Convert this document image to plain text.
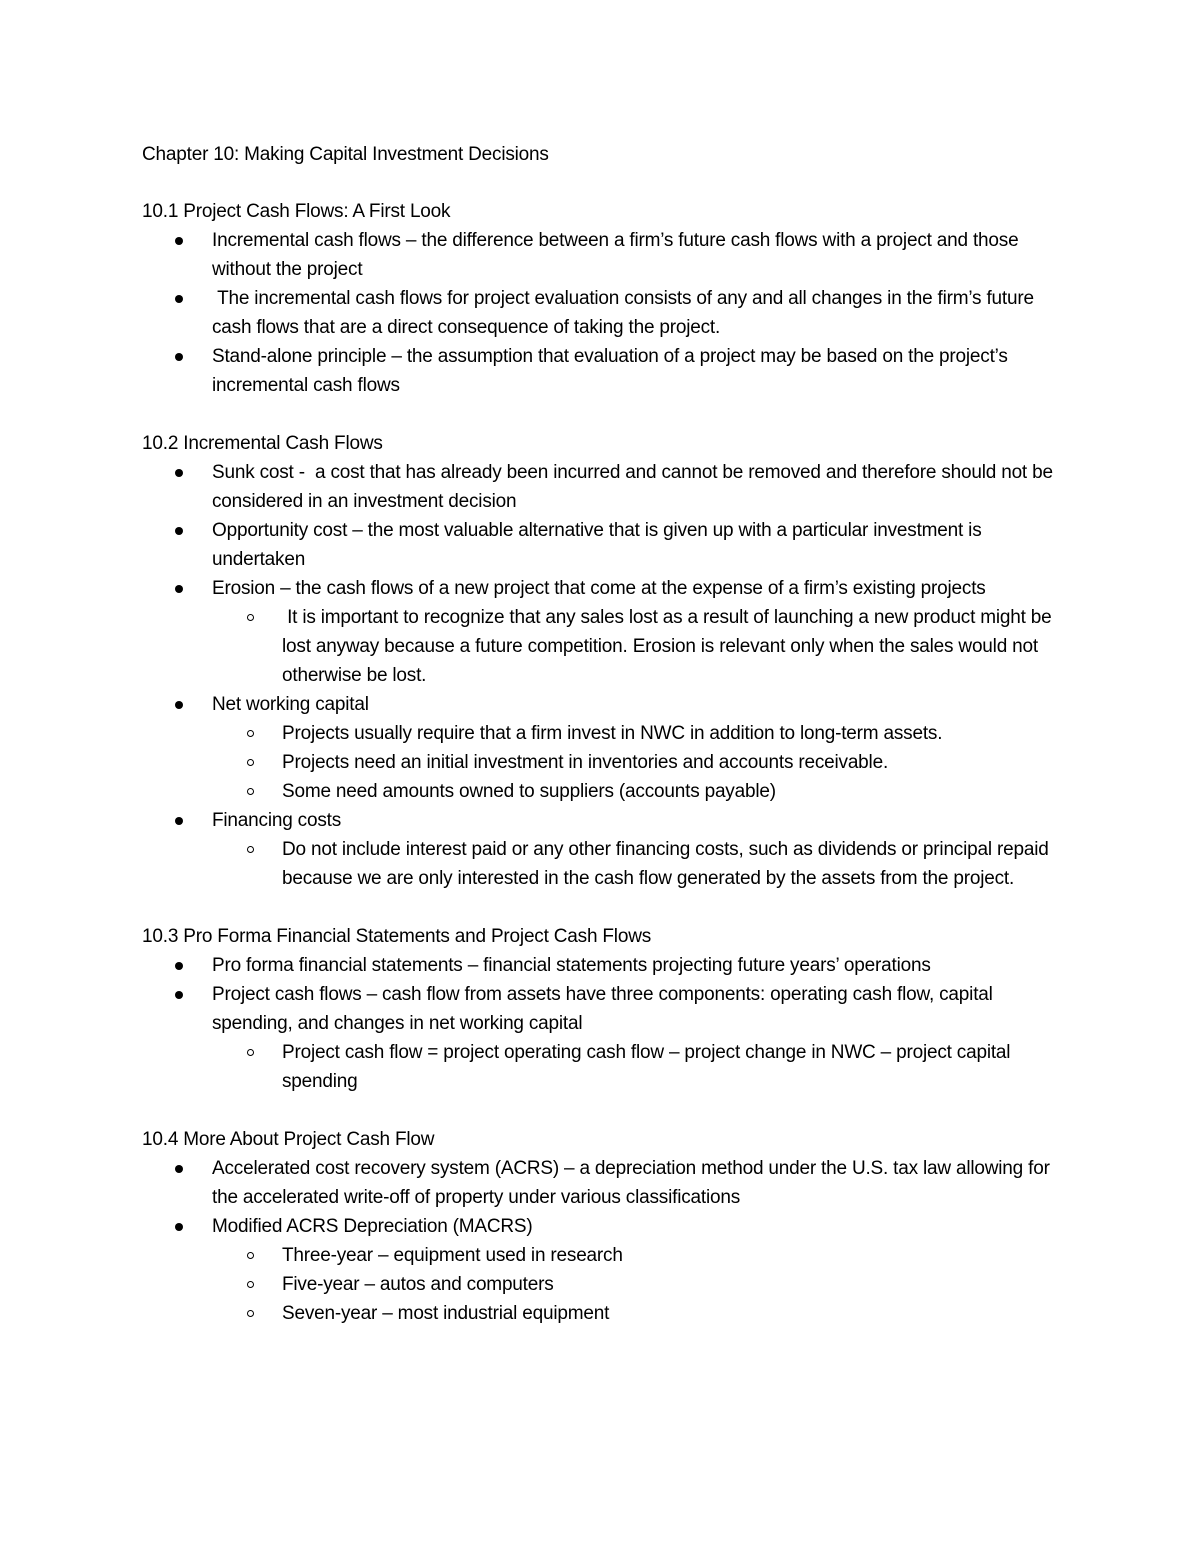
Chapter 10: Making Capital Investment Decisions
10.1 Project Cash Flows: A First Look
Incremental cash flows – the difference between a firm’s future cash flows with a project and those without the project
The incremental cash flows for project evaluation consists of any and all changes in the firm’s future cash flows that are a direct consequence of taking the project.
Stand-alone principle – the assumption that evaluation of a project may be based on the project’s incremental cash flows
10.2 Incremental Cash Flows
Sunk cost -  a cost that has already been incurred and cannot be removed and therefore should not be considered in an investment decision
Opportunity cost – the most valuable alternative that is given up with a particular investment is undertaken
Erosion – the cash flows of a new project that come at the expense of a firm’s existing projects
It is important to recognize that any sales lost as a result of launching a new product might be lost anyway because a future competition. Erosion is relevant only when the sales would not otherwise be lost.
Net working capital
Projects usually require that a firm invest in NWC in addition to long-term assets.
Projects need an initial investment in inventories and accounts receivable.
Some need amounts owned to suppliers (accounts payable)
Financing costs
Do not include interest paid or any other financing costs, such as dividends or principal repaid because we are only interested in the cash flow generated by the assets from the project.
10.3 Pro Forma Financial Statements and Project Cash Flows
Pro forma financial statements – financial statements projecting future years’ operations
Project cash flows – cash flow from assets have three components: operating cash flow, capital spending, and changes in net working capital
Project cash flow = project operating cash flow – project change in NWC – project capital spending
10.4 More About Project Cash Flow
Accelerated cost recovery system (ACRS) – a depreciation method under the U.S. tax law allowing for the accelerated write-off of property under various classifications
Modified ACRS Depreciation (MACRS)
Three-year – equipment used in research
Five-year – autos and computers
Seven-year – most industrial equipment
